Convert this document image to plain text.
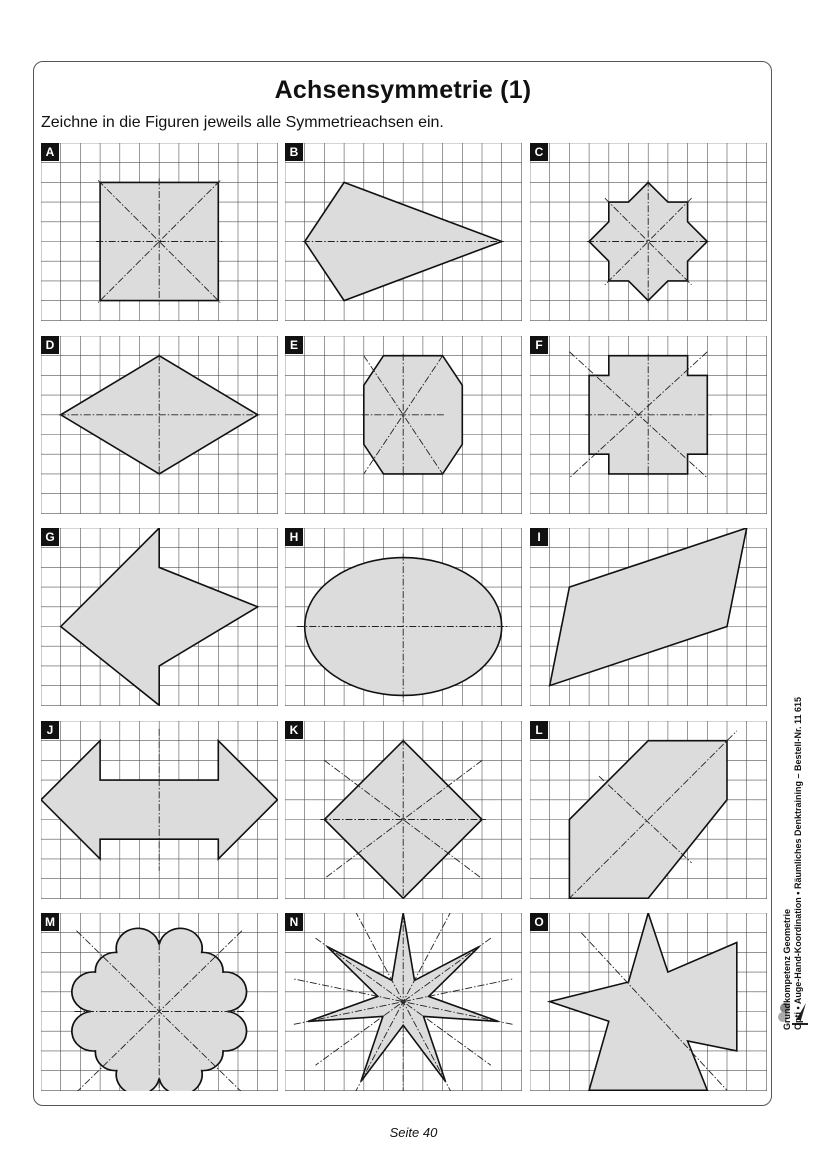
Achsensymmetrie (1)
Zeichne in die Figuren jeweils alle Symmetrieachsen ein.
A	B	C
D	E	F
G	H	I
J	K	L
M	N	O	Grundkompetenz Geometrie Opti • Auge-Hand-Koordination • Räumliches Denktraining – Bestell-Nr. 11 615
Seite 40
